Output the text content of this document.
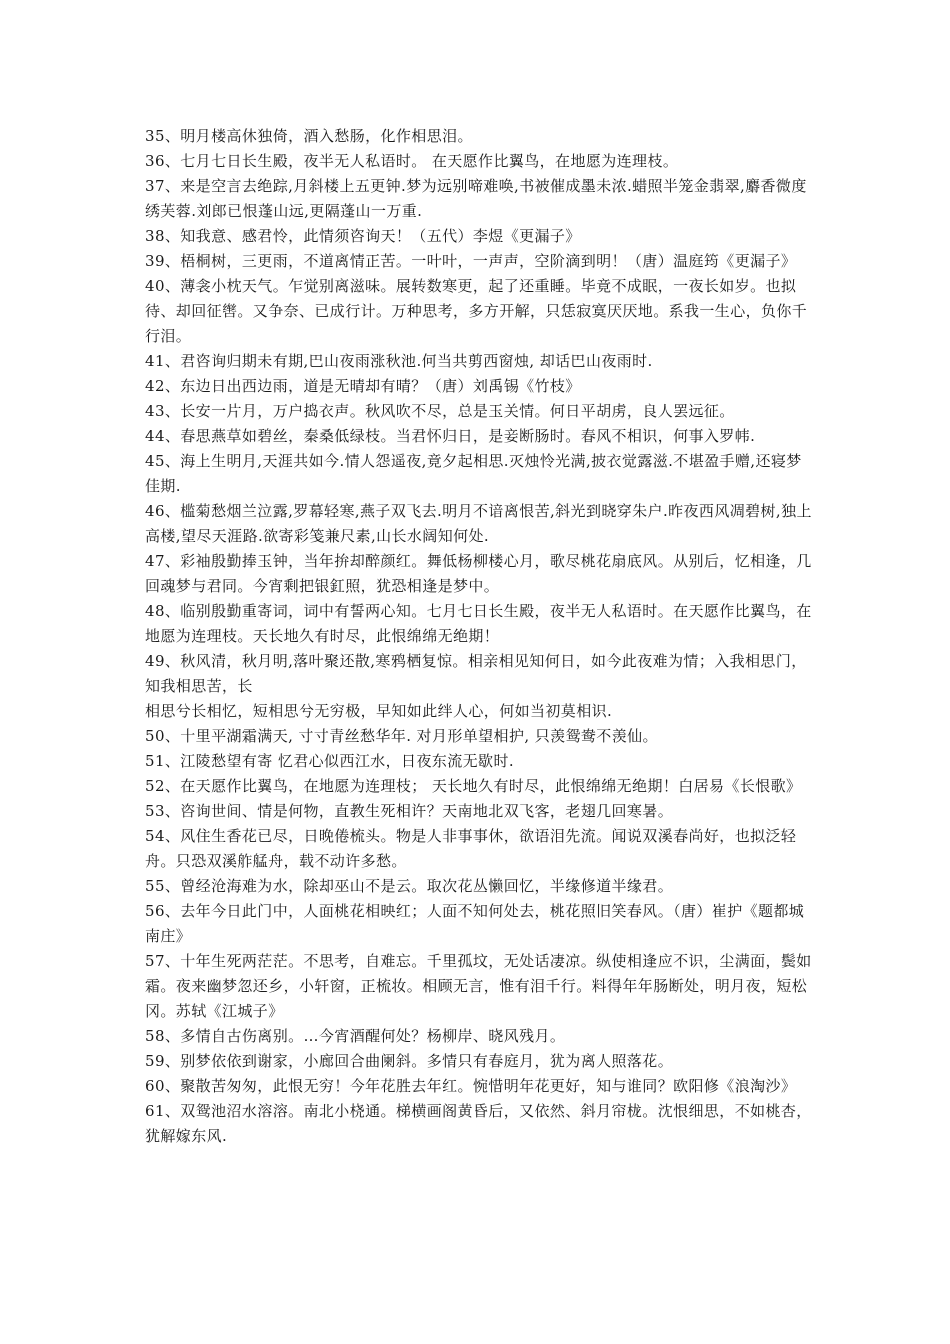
35、明月楼高休独倚，酒入愁肠，化作相思泪。

36、七月七日长生殿，夜半无人私语时。 在天愿作比翼鸟，在地愿为连理枝。

37、来是空言去绝踪,月斜楼上五更钟.梦为远别啼难唤,书被催成墨未浓.蜡照半笼金翡翠,麝香微度绣芙蓉.刘郎已恨蓬山远,更隔蓬山一万重.

38、知我意、感君怜，此情须咨询天！（五代）李煜《更漏子》

39、梧桐树，三更雨，不道离情正苦。一叶叶，一声声，空阶滴到明！（唐）温庭筠《更漏子》

40、薄衾小枕天气。乍觉别离滋味。展转数寒更，起了还重睡。毕竟不成眠，一夜长如岁。也拟待、却回征辔。又争奈、已成行计。万种思考，多方开解，只恁寂寞厌厌地。系我一生心，负你千行泪。

41、君咨询归期未有期,巴山夜雨涨秋池.何当共剪西窗烛, 却话巴山夜雨时.

42、东边日出西边雨，道是无晴却有晴？（唐）刘禹锡《竹枝》

43、长安一片月，万户捣衣声。秋风吹不尽，总是玉关情。何日平胡虏，良人罢远征。

44、春思燕草如碧丝，秦桑低绿枝。当君怀归日，是妾断肠时。春风不相识，何事入罗帏.

45、海上生明月,天涯共如今.情人怨遥夜,竟夕起相思.灭烛怜光满,披衣觉露滋.不堪盈手赠,还寝梦佳期.

46、槛菊愁烟兰泣露,罗幕轻寒,燕子双飞去.明月不谙离恨苦,斜光到晓穿朱户.昨夜西风凋碧树,独上高楼,望尽天涯路.欲寄彩笺兼尺素,山长水阔知何处.

47、彩袖殷勤捧玉钟，当年拚却醉颜红。舞低杨柳楼心月，歌尽桃花扇底风。从别后，忆相逢，几回魂梦与君同。今宵剩把银釭照，犹恐相逢是梦中。

48、临别殷勤重寄词，词中有誓两心知。七月七日长生殿，夜半无人私语时。在天愿作比翼鸟，在地愿为连理枝。天长地久有时尽，此恨绵绵无绝期！

49、秋风清，秋月明,落叶聚还散,寒鸦栖复惊。相亲相见知何日，如今此夜难为情；入我相思门，知我相思苦，长

相思兮长相忆，短相思兮无穷极，早知如此绊人心，何如当初莫相识.

50、十里平湖霜满天, 寸寸青丝愁华年. 对月形单望相护, 只羡鸳鸯不羡仙。

51、江陵愁望有寄 忆君心似西江水，日夜东流无歇时.

52、在天愿作比翼鸟，在地愿为连理枝； 天长地久有时尽，此恨绵绵无绝期！白居易《长恨歌》

53、咨询世间、情是何物，直教生死相许？天南地北双飞客，老翅几回寒暑。

54、风住生香花已尽，日晚倦梳头。物是人非事事休，欲语泪先流。闻说双溪春尚好，也拟泛轻舟。只恐双溪舴艋舟，载不动许多愁。

55、曾经沧海难为水，除却巫山不是云。取次花丛懒回忆，半缘修道半缘君。

56、去年今日此门中，人面桃花相映红；人面不知何处去，桃花照旧笑春风。（唐）崔护《题都城南庄》

57、十年生死两茫茫。不思考，自难忘。千里孤坟，无处话凄凉。纵使相逢应不识，尘满面，鬓如霜。夜来幽梦忽还乡，小轩窗，正梳妆。相顾无言，惟有泪千行。料得年年肠断处，明月夜，短松冈。苏轼《江城子》

58、多情自古伤离别。…今宵酒醒何处？杨柳岸、晓风残月。

59、别梦依依到谢家，小廊回合曲阑斜。多情只有春庭月，犹为离人照落花。

60、聚散苦匆匆，此恨无穷！今年花胜去年红。惋惜明年花更好，知与谁同？欧阳修《浪淘沙》

61、双鸳池沼水溶溶。南北小桡通。梯横画阁黄昏后，又依然、斜月帘栊。沈恨细思，不如桃杏，犹解嫁东风.
